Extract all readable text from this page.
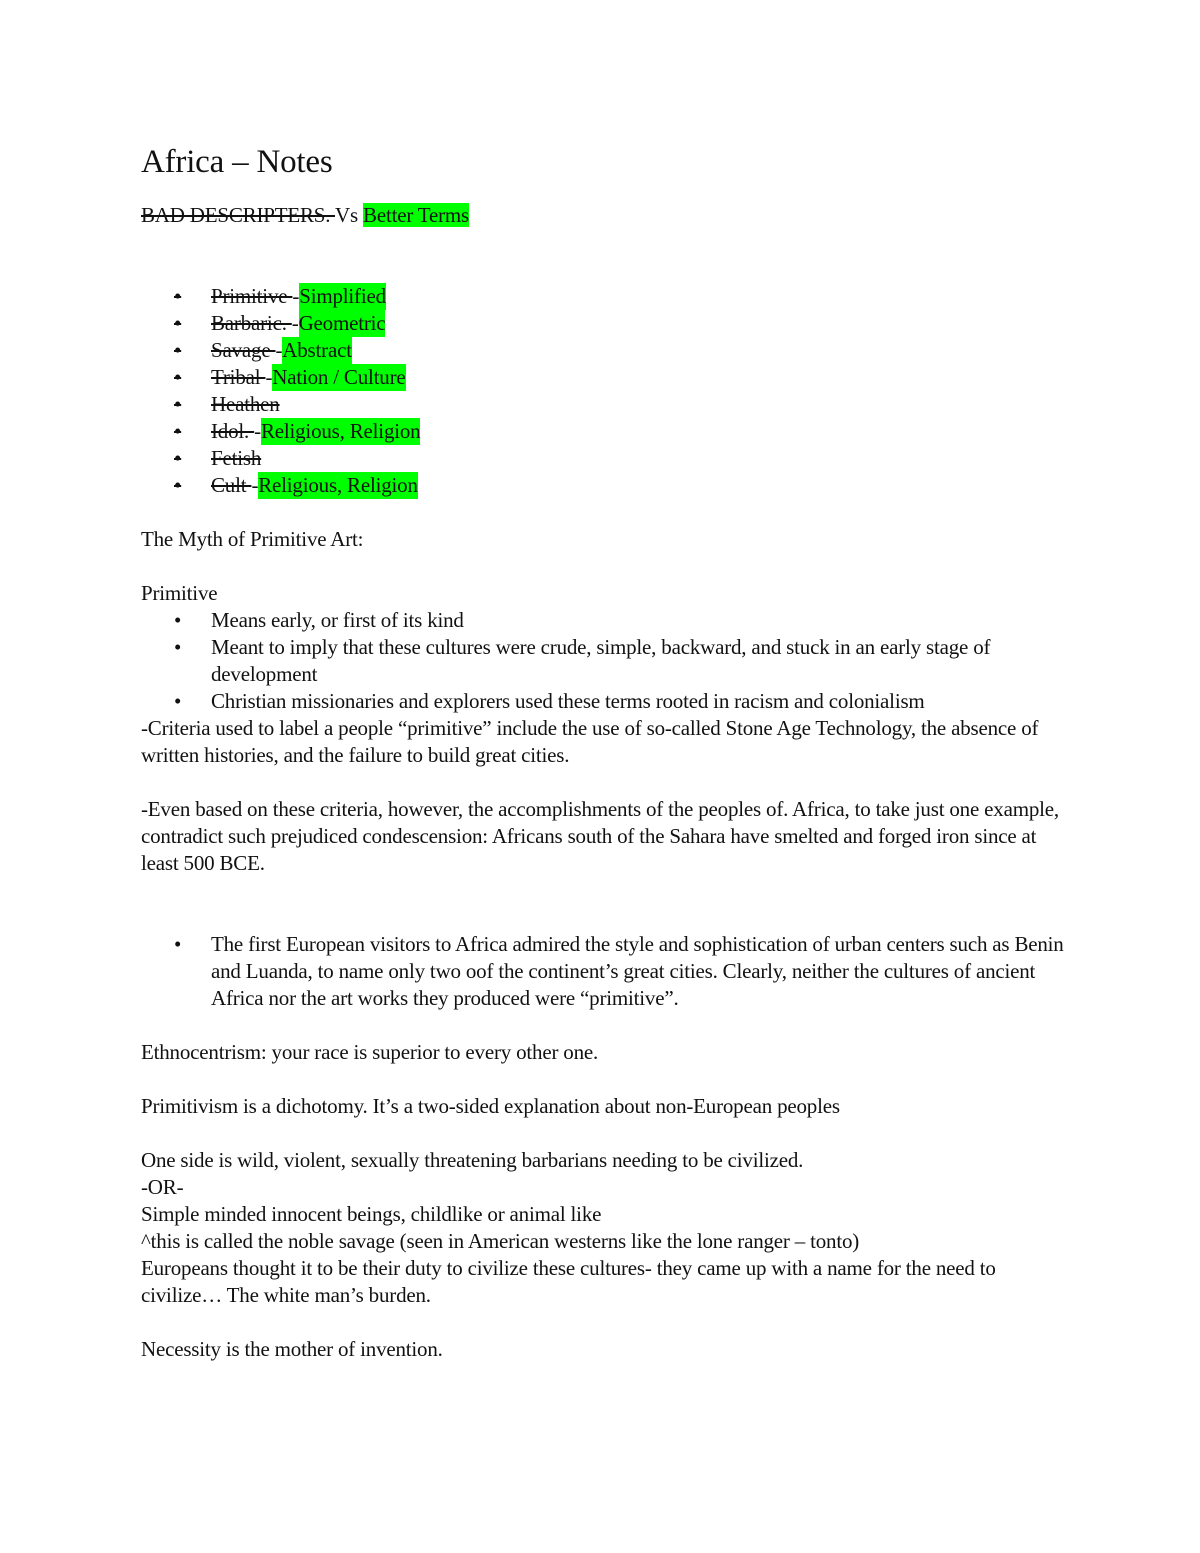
Africa – Notes

BAD DESCRIPTERS. Vs Better Terms

• Primitive -Simplified
• Barbaric. -Geometric
• Savage -Abstract
• Tribal -Nation / Culture
• Heathen
• Idol. -Religious, Religion
• Fetish
• Cult -Religious, Religion

The Myth of Primitive Art:

Primitive

• Means early, or first of its kind
• Meant to imply that these cultures were crude, simple, backward, and stuck in an early stage of development
• Christian missionaries and explorers used these terms rooted in racism and colonialism

-Criteria used to label a people “primitive” include the use of so-called Stone Age Technology, the absence of written histories, and the failure to build great cities.

-Even based on these criteria, however, the accomplishments of the peoples of. Africa, to take just one example, contradict such prejudiced condescension: Africans south of the Sahara have smelted and forged iron since at least 500 BCE.

• The first European visitors to Africa admired the style and sophistication of urban centers such as Benin and Luanda, to name only two oof the continent’s great cities. Clearly, neither the cultures of ancient Africa nor the art works they produced were “primitive”.

Ethnocentrism: your race is superior to every other one.

Primitivism is a dichotomy. It’s a two-sided explanation about non-European peoples

One side is wild, violent, sexually threatening barbarians needing to be civilized.

-OR-

Simple minded innocent beings, childlike or animal like

^this is called the noble savage (seen in American westerns like the lone ranger – tonto)

Europeans thought it to be their duty to civilize these cultures- they came up with a name for the need to civilize… The white man’s burden.

Necessity is the mother of invention.
